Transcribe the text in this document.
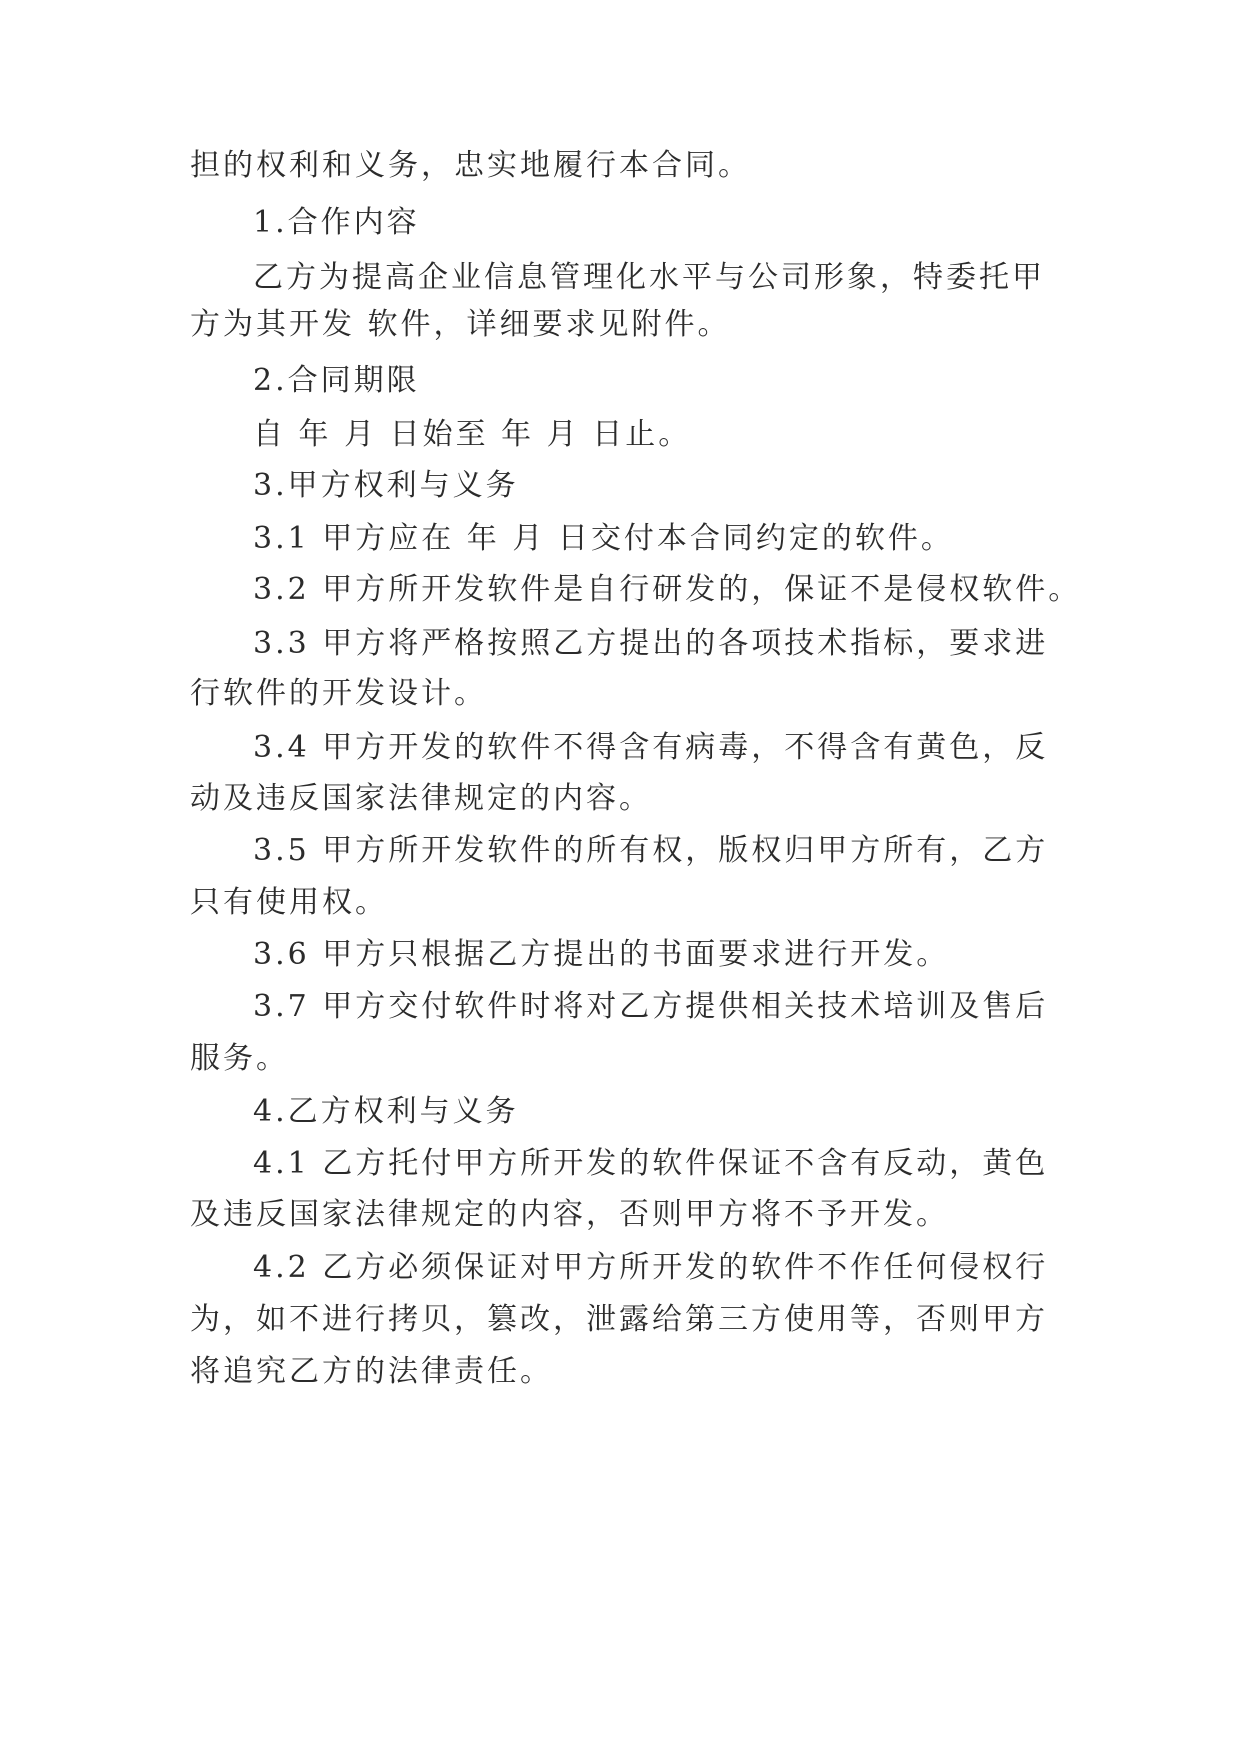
担的权利和义务，忠实地履行本合同。
1.合作内容
乙方为提高企业信息管理化水平与公司形象，特委托甲
方为其开发 软件，详细要求见附件。
2.合同期限
自 年 月 日始至 年 月 日止。
3.甲方权利与义务
3.1 甲方应在 年 月 日交付本合同约定的软件。
3.2 甲方所开发软件是自行研发的，保证不是侵权软件。
3.3 甲方将严格按照乙方提出的各项技术指标，要求进
行软件的开发设计。
3.4 甲方开发的软件不得含有病毒，不得含有黄色，反
动及违反国家法律规定的内容。
3.5 甲方所开发软件的所有权，版权归甲方所有，乙方
只有使用权。
3.6 甲方只根据乙方提出的书面要求进行开发。
3.7 甲方交付软件时将对乙方提供相关技术培训及售后
服务。
4.乙方权利与义务
4.1 乙方托付甲方所开发的软件保证不含有反动，黄色
及违反国家法律规定的内容，否则甲方将不予开发。
4.2 乙方必须保证对甲方所开发的软件不作任何侵权行
为，如不进行拷贝，篡改，泄露给第三方使用等，否则甲方
将追究乙方的法律责任。
